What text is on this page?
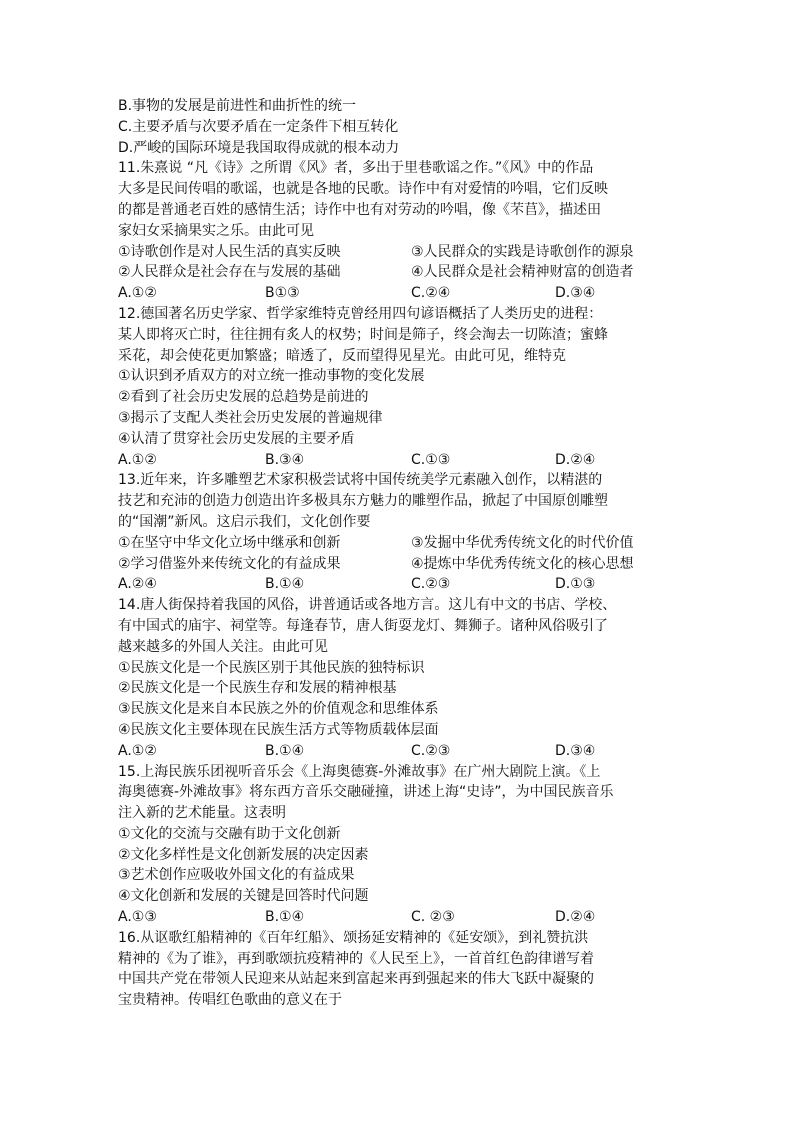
B.事物的发展是前进性和曲折性的统一
C.主要矛盾与次要矛盾在一定条件下相互转化
D.严峻的国际环境是我国取得成就的根本动力
11.朱熹说 “凡《诗》之所谓《风》者，多出于里巷歌谣之作。”《风》中的作品
大多是民间传唱的歌谣，也就是各地的民歌。诗作中有对爱情的吟唱，它们反映
的都是普通老百姓的感情生活；诗作中也有对劳动的吟唱，像《芣苢》，描述田
家妇女采摘果实之乐。由此可见
①诗歌创作是对人民生活的真实反映	③人民群众的实践是诗歌创作的源泉
②人民群众是社会存在与发展的基础	④人民群众是社会精神财富的创造者
A.①②	B①③	C.②④	D.③④
12.德国著名历史学家、哲学家维特克曾经用四句谚语概括了人类历史的进程：
某人即将灭亡时，往往拥有炙人的权势；时间是筛子，终会淘去一切陈渣；蜜蜂
采花，却会使花更加繁盛；暗透了，反而望得见星光。由此可见，维特克
①认识到矛盾双方的对立统一推动事物的变化发展
②看到了社会历史发展的总趋势是前进的
③揭示了支配人类社会历史发展的普遍规律
④认清了贯穿社会历史发展的主要矛盾
A.①②	B.③④	C.①③	D.②④
13.近年来，许多雕塑艺术家积极尝试将中国传统美学元素融入创作，以精湛的
技艺和充沛的创造力创造出许多极具东方魅力的雕塑作品，掀起了中国原创雕塑
的“国潮”新风。这启示我们，文化创作要
①在坚守中华文化立场中继承和创新	③发掘中华优秀传统文化的时代价值
②学习借鉴外来传统文化的有益成果	④提炼中华优秀传统文化的核心思想
A.②④	B.①④	C.②③	D.①③
14.唐人街保持着我国的风俗，讲普通话或各地方言。这儿有中文的书店、学校、
有中国式的庙宇、祠堂等。每逢春节，唐人街耍龙灯、舞狮子。诸种风俗吸引了
越来越多的外国人关注。由此可见
①民族文化是一个民族区别于其他民族的独特标识
②民族文化是一个民族生存和发展的精神根基
③民族文化是来自本民族之外的价值观念和思维体系
④民族文化主要体现在民族生活方式等物质载体层面
A.①②	B.①④	C.②③	D.③④
15.上海民族乐团视听音乐会《上海奥德赛-外滩故事》在广州大剧院上演。《上
海奥德赛-外滩故事》将东西方音乐交融碰撞，讲述上海“史诗”，为中国民族音乐
注入新的艺术能量。这表明
①文化的交流与交融有助于文化创新
②文化多样性是文化创新发展的决定因素
③艺术创作应吸收外国文化的有益成果
④文化创新和发展的关键是回答时代问题
A.①③	B.①④	C. ②③	D.②④
16.从讴歌红船精神的《百年红船》、颂扬延安精神的《延安颂》，到礼赞抗洪
精神的《为了谁》，再到歌颂抗疫精神的《人民至上》，一首首红色韵律谱写着
中国共产党在带领人民迎来从站起来到富起来再到强起来的伟大飞跃中凝聚的
宝贵精神。传唱红色歌曲的意义在于
